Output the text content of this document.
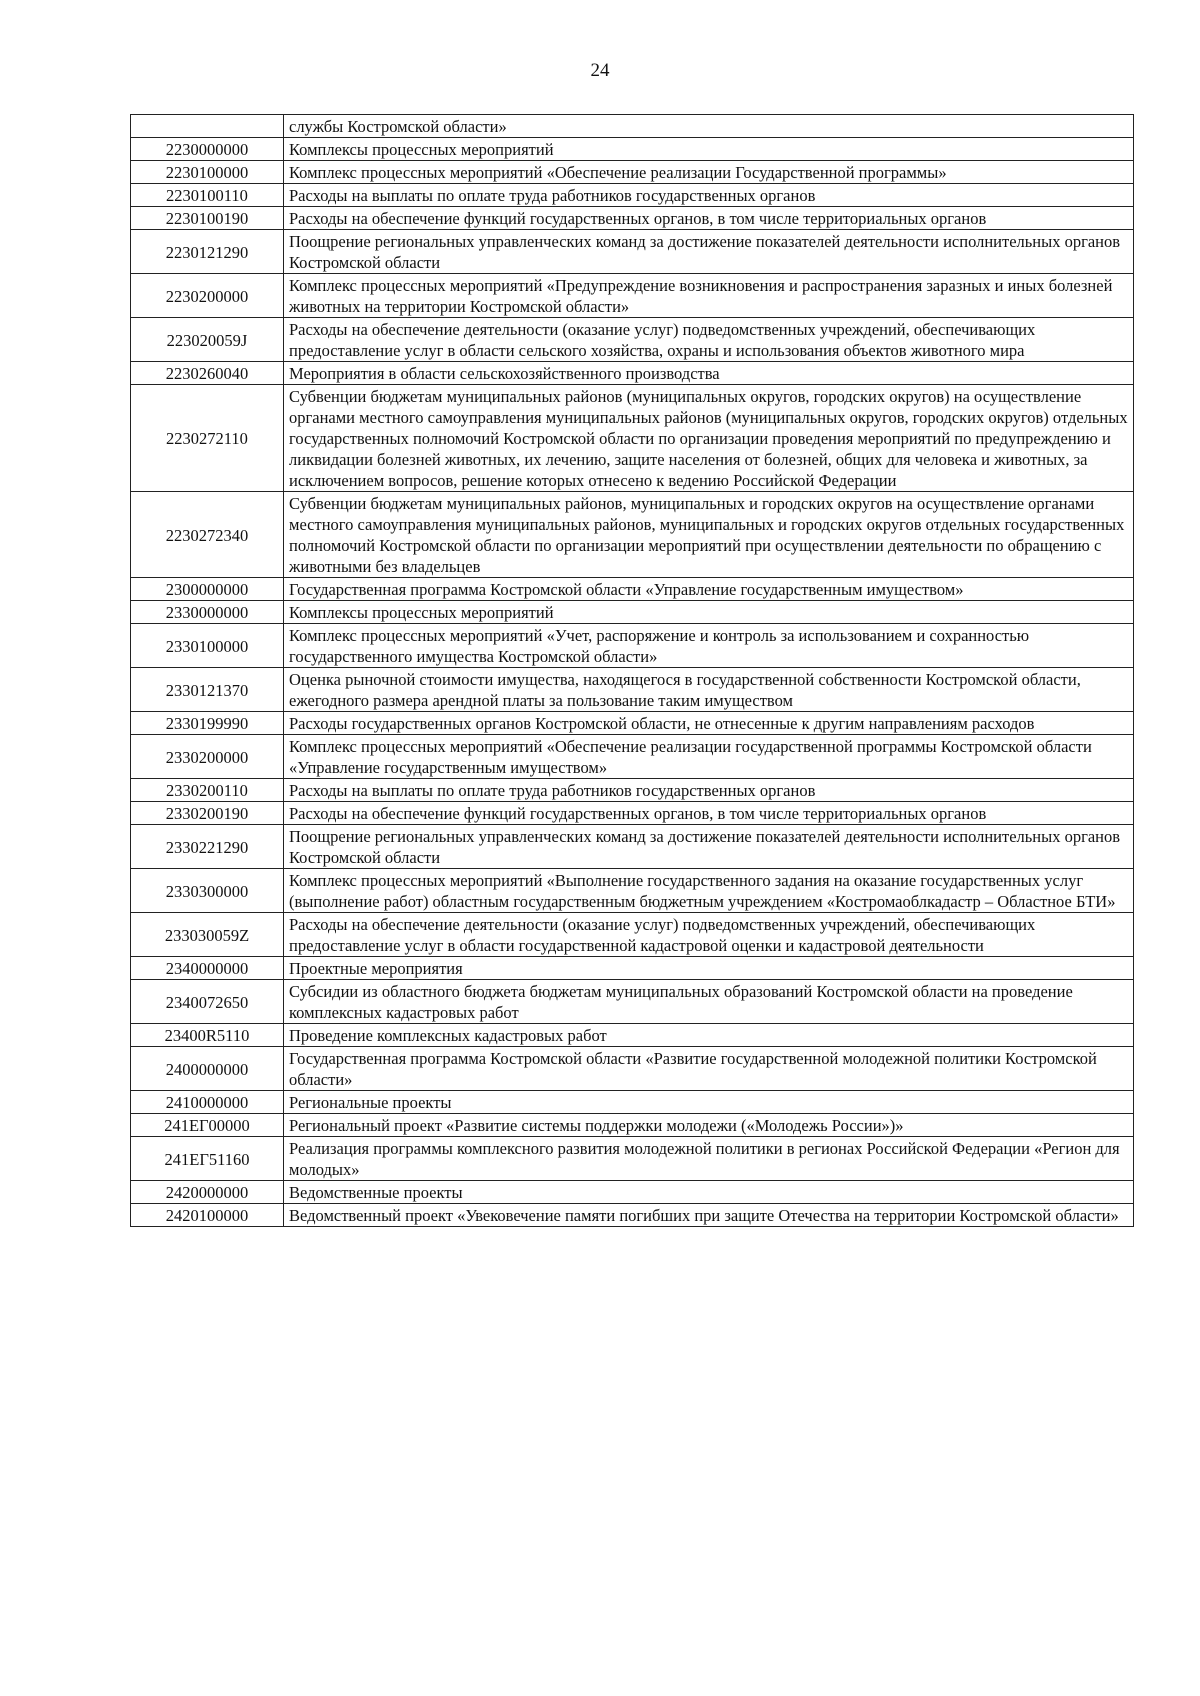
24
	службы Костромской области»
2230000000	Комплексы процессных мероприятий
2230100000	Комплекс процессных мероприятий «Обеспечение реализации Государственной программы»
2230100110	Расходы на выплаты по оплате труда работников государственных органов
2230100190	Расходы на обеспечение функций государственных органов, в том числе территориальных органов
2230121290	Поощрение региональных управленческих команд за достижение показателей деятельности исполнительных органов Костромской области
2230200000	Комплекс процессных мероприятий «Предупреждение возникновения и распространения заразных и иных болезней животных на территории Костромской области»
223020059J	Расходы на обеспечение деятельности (оказание услуг) подведомственных учреждений, обеспечивающих предоставление услуг в области сельского хозяйства, охраны и использования объектов животного мира
2230260040	Мероприятия в области сельскохозяйственного производства
2230272110	Субвенции бюджетам муниципальных районов (муниципальных округов, городских округов) на осуществление органами местного самоуправления муниципальных районов (муниципальных округов, городских округов) отдельных государственных полномочий Костромской области по организации проведения мероприятий по предупреждению и ликвидации болезней животных, их лечению, защите населения от болезней, общих для человека и животных, за исключением вопросов, решение которых отнесено к ведению Российской Федерации
2230272340	Субвенции бюджетам муниципальных районов, муниципальных и городских округов на осуществление органами местного самоуправления муниципальных районов, муниципальных и городских округов отдельных государственных полномочий Костромской области по организации мероприятий при осуществлении деятельности по обращению с животными без владельцев
2300000000	Государственная программа Костромской области «Управление государственным имуществом»
2330000000	Комплексы процессных мероприятий
2330100000	Комплекс процессных мероприятий «Учет, распоряжение и контроль за использованием и сохранностью государственного имущества Костромской области»
2330121370	Оценка рыночной стоимости имущества, находящегося в государственной собственности Костромской области, ежегодного размера арендной платы за пользование таким имуществом
2330199990	Расходы государственных органов Костромской области, не отнесенные к другим направлениям расходов
2330200000	Комплекс процессных мероприятий «Обеспечение реализации государственной программы Костромской области «Управление государственным имуществом»
2330200110	Расходы на выплаты по оплате труда работников государственных органов
2330200190	Расходы на обеспечение функций государственных органов, в том числе территориальных органов
2330221290	Поощрение региональных управленческих команд за достижение показателей деятельности исполнительных органов Костромской области
2330300000	Комплекс процессных мероприятий «Выполнение государственного задания на оказание государственных услуг (выполнение работ) областным государственным бюджетным учреждением «Костромаоблкадастр – Областное БТИ»
233030059Z	Расходы на обеспечение деятельности (оказание услуг) подведомственных учреждений, обеспечивающих предоставление услуг в области государственной кадастровой оценки и кадастровой деятельности
2340000000	Проектные мероприятия
2340072650	Субсидии из областного бюджета бюджетам муниципальных образований Костромской области на проведение комплексных кадастровых работ
23400R5110	Проведение комплексных кадастровых работ
2400000000	Государственная программа Костромской области «Развитие государственной молодежной политики Костромской области»
2410000000	Региональные проекты
241ЕГ00000	Региональный проект «Развитие системы поддержки молодежи («Молодежь России»)»
241ЕГ51160	Реализация программы комплексного развития молодежной политики в регионах Российской Федерации «Регион для молодых»
2420000000	Ведомственные проекты
2420100000	Ведомственный проект «Увековечение памяти погибших при защите Отечества на территории Костромской области»
